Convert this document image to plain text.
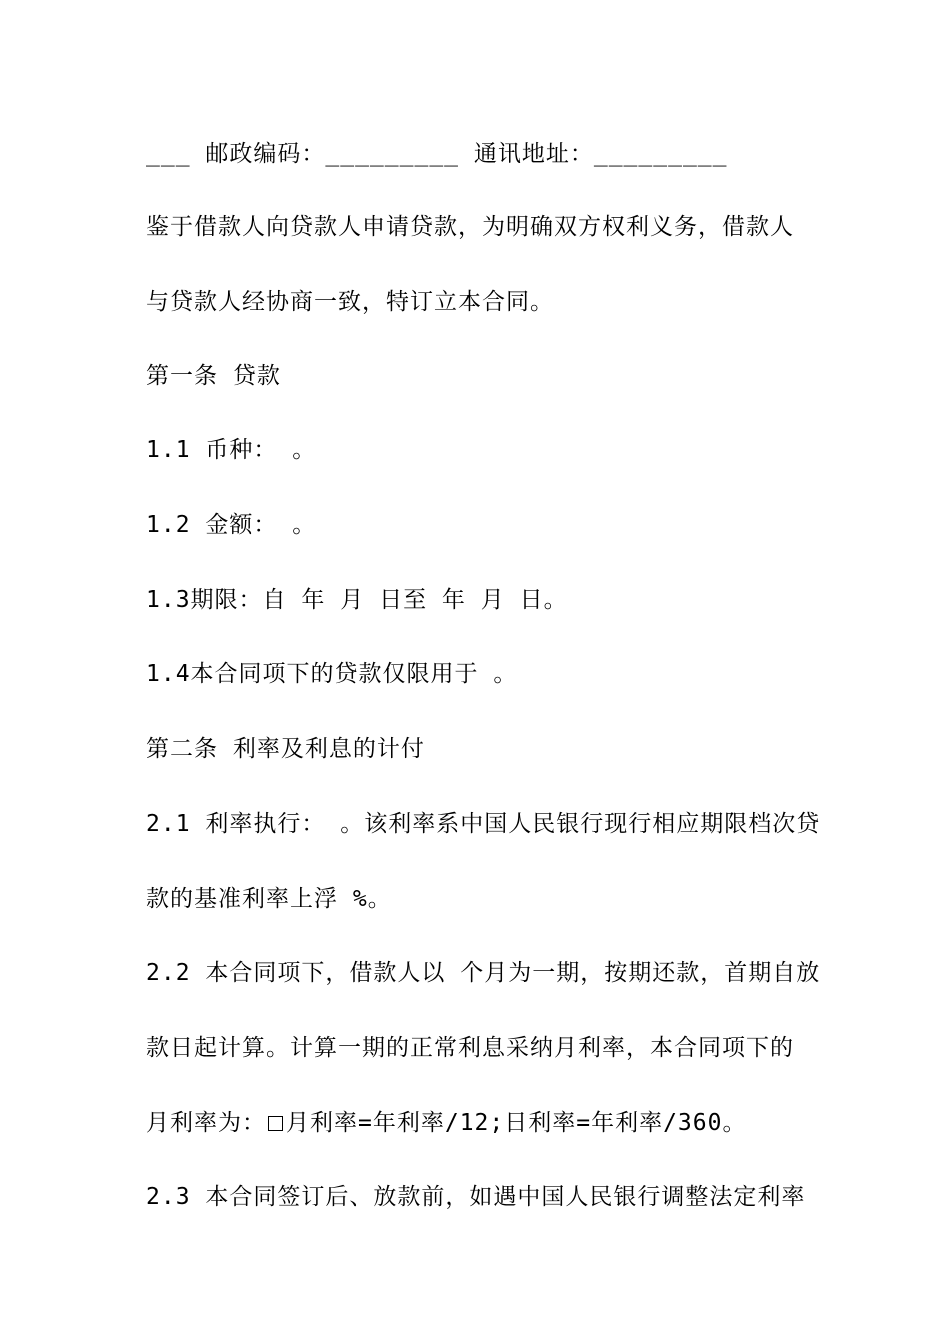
___ 邮政编码：_________ 通讯地址：_________

鉴于借款人向贷款人申请贷款，为明确双方权利义务，借款人

与贷款人经协商一致，特订立本合同。

第一条 贷款

1.1 币种： 。

1.2 金额： 。

1.3期限：自 年 月 日至 年 月 日。

1.4本合同项下的贷款仅限用于 。

第二条 利率及利息的计付

2.1 利率执行： 。该利率系中国人民银行现行相应期限档次贷

款的基准利率上浮 %。

2.2 本合同项下，借款人以 个月为一期，按期还款，首期自放

款日起计算。计算一期的正常利息采纳月利率，本合同项下的

月利率为： 月利率=年利率/12;日利率=年利率/360。

2.3 本合同签订后、放款前，如遇中国人民银行调整法定利率
